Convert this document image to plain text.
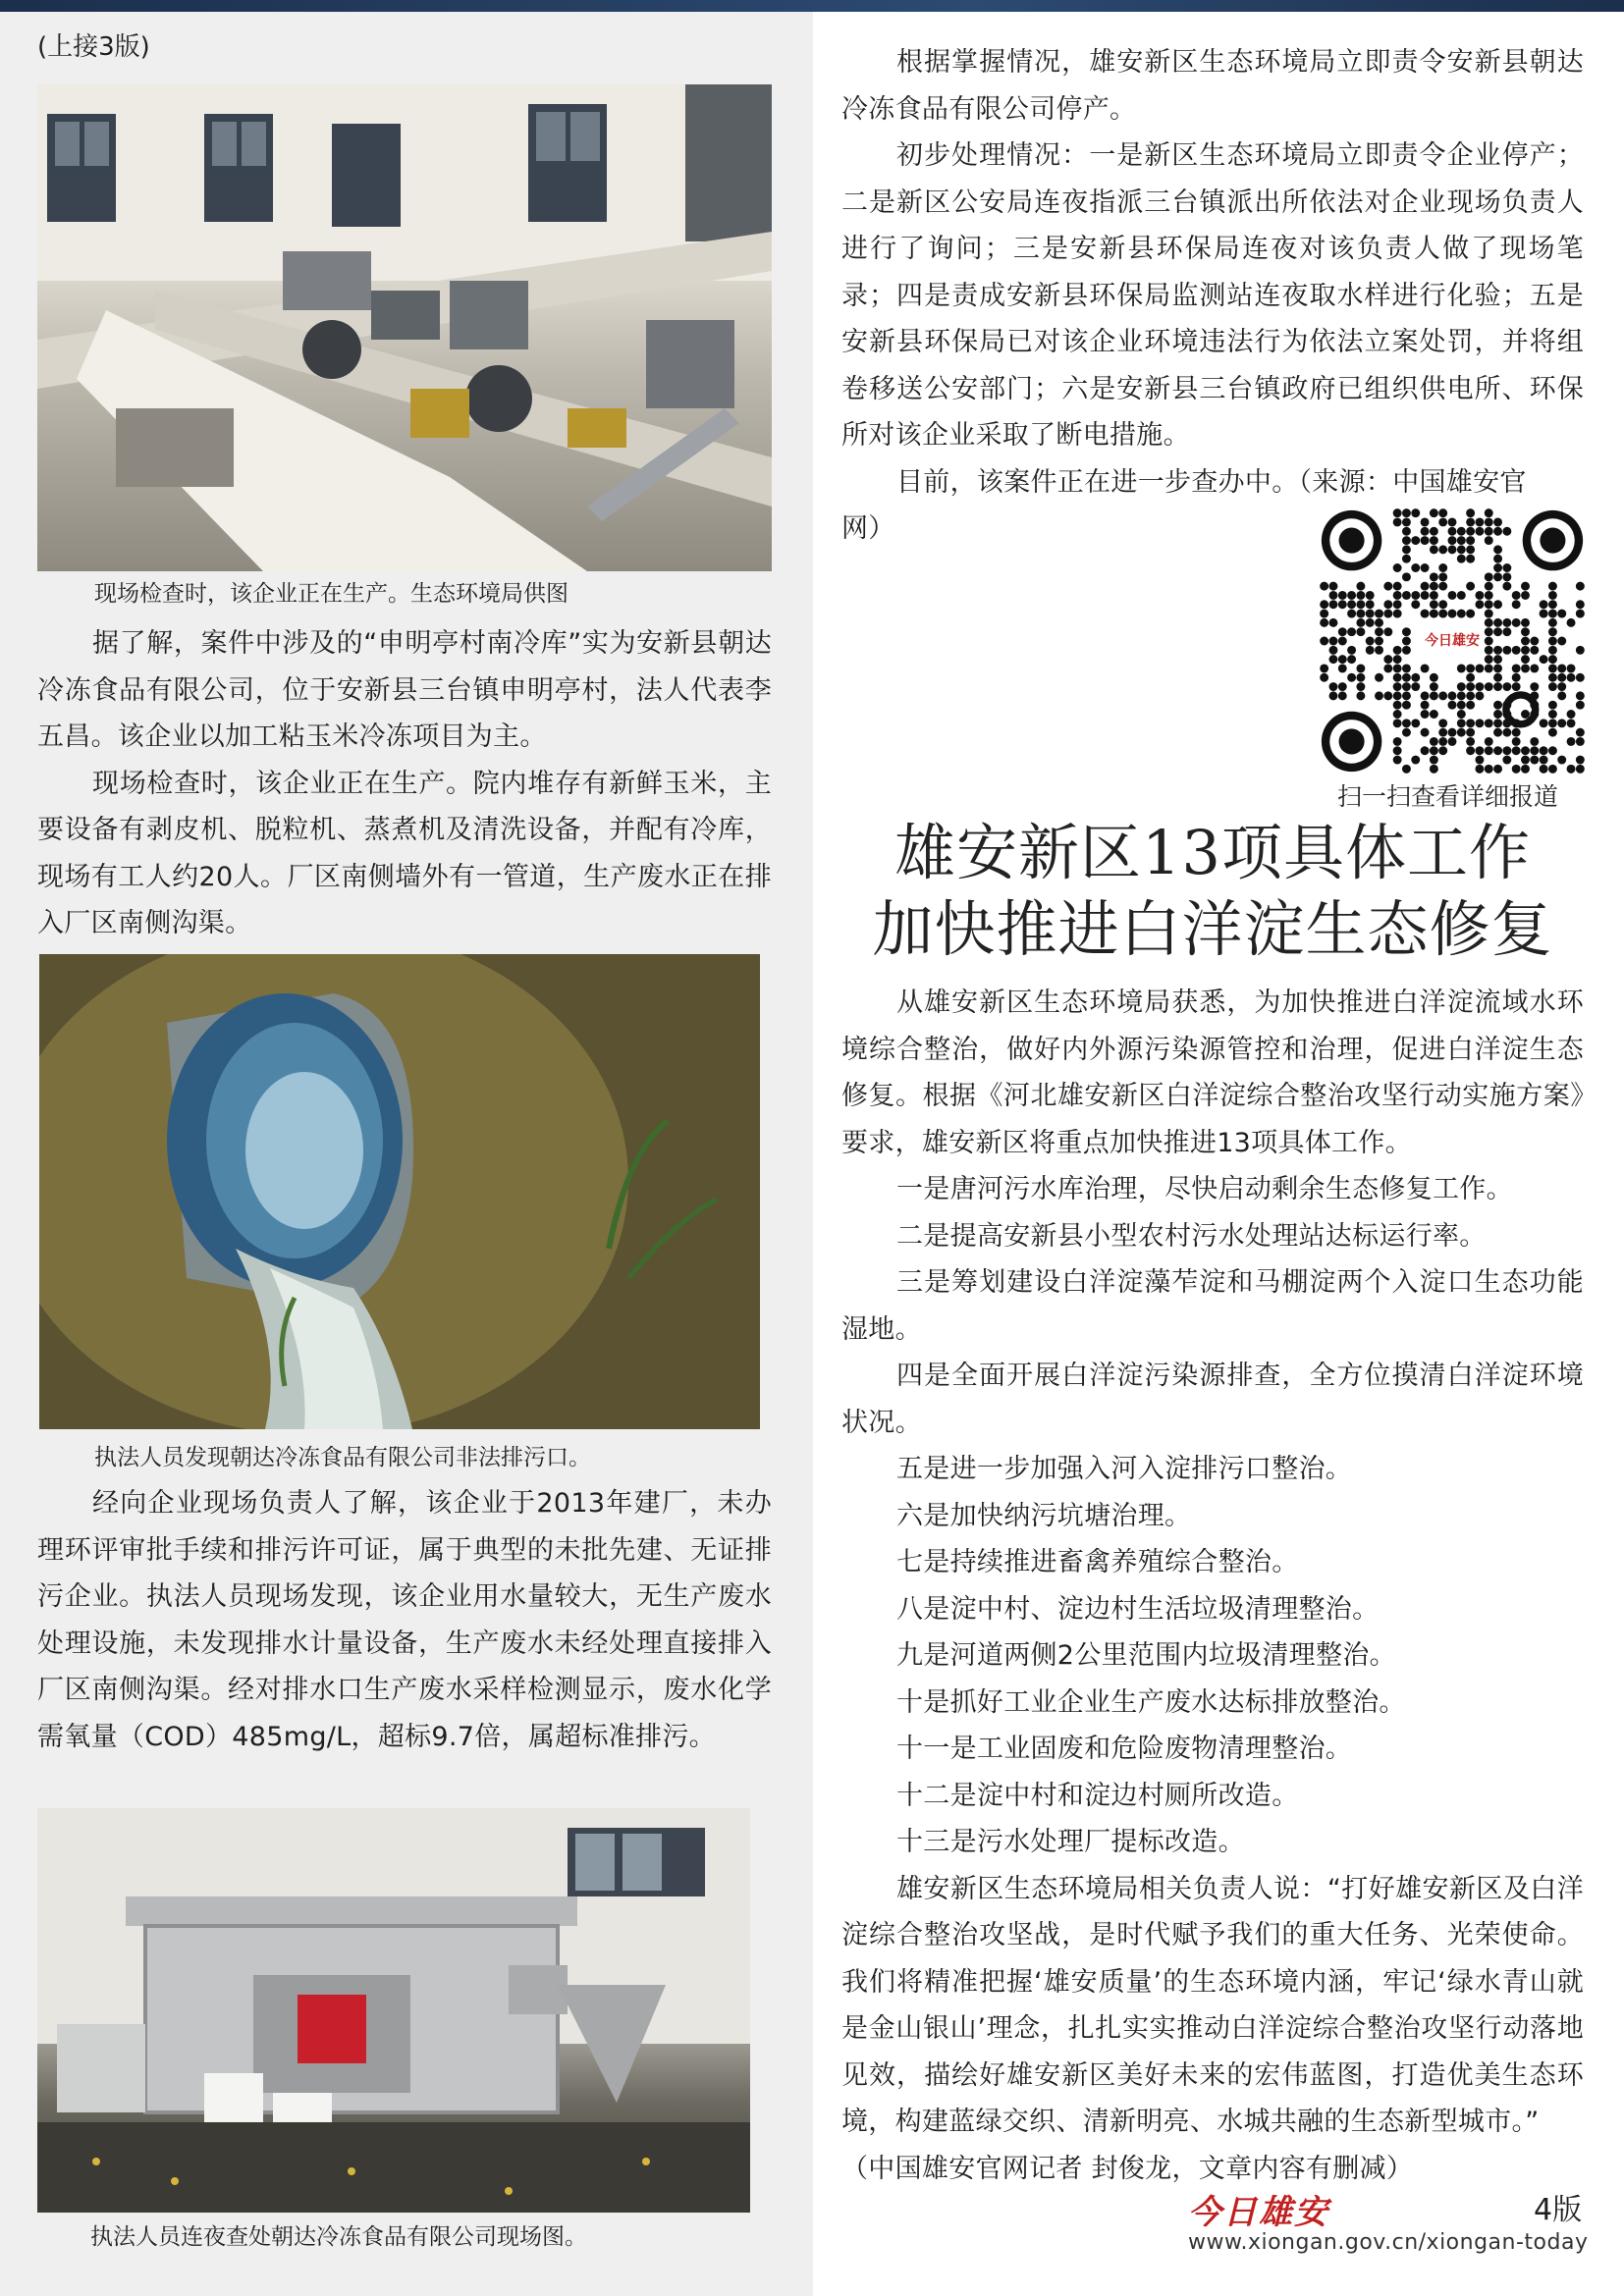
(上接3版)
现场检查时，该企业正在生产。生态环境局供图

据了解，案件中涉及的“申明亭村南冷库”实为安新县朝达冷冻食品有限公司，位于安新县三台镇申明亭村，法人代表李五昌。该企业以加工粘玉米冷冻项目为主。

现场检查时，该企业正在生产。院内堆存有新鲜玉米，主要设备有剥皮机、脱粒机、蒸煮机及清洗设备，并配有冷库，现场有工人约20人。厂区南侧墙外有一管道，生产废水正在排入厂区南侧沟渠。

执法人员发现朝达冷冻食品有限公司非法排污口。

经向企业现场负责人了解，该企业于2013年建厂，未办理环评审批手续和排污许可证，属于典型的未批先建、无证排污企业。执法人员现场发现，该企业用水量较大，无生产废水处理设施，未发现排水计量设备，生产废水未经处理直接排入厂区南侧沟渠。经对排水口生产废水采样检测显示，废水化学需氧量（COD）485mg/L，超标9.7倍，属超标准排污。

执法人员连夜查处朝达冷冻食品有限公司现场图。

根据掌握情况，雄安新区生态环境局立即责令安新县朝达冷冻食品有限公司停产。

初步处理情况：一是新区生态环境局立即责令企业停产；二是新区公安局连夜指派三台镇派出所依法对企业现场负责人进行了询问；三是安新县环保局连夜对该负责人做了现场笔录；四是责成安新县环保局监测站连夜取水样进行化验；五是安新县环保局已对该企业环境违法行为依法立案处罚，并将组卷移送公安部门；六是安新县三台镇政府已组织供电所、环保所对该企业采取了断电措施。

目前，该案件正在进一步查办中。（来源：中国雄安官

网）

今日雄安
扫一扫查看详细报道
雄安新区13项具体工作
加快推进白洋淀生态修复

从雄安新区生态环境局获悉，为加快推进白洋淀流域水环境综合整治，做好内外源污染源管控和治理，促进白洋淀生态修复。根据《河北雄安新区白洋淀综合整治攻坚行动实施方案》要求，雄安新区将重点加快推进13项具体工作。

一是唐河污水库治理，尽快启动剩余生态修复工作。

二是提高安新县小型农村污水处理站达标运行率。

三是筹划建设白洋淀藻苲淀和马棚淀两个入淀口生态功能湿地。

四是全面开展白洋淀污染源排查，全方位摸清白洋淀环境状况。

五是进一步加强入河入淀排污口整治。

六是加快纳污坑塘治理。

七是持续推进畜禽养殖综合整治。

八是淀中村、淀边村生活垃圾清理整治。

九是河道两侧2公里范围内垃圾清理整治。

十是抓好工业企业生产废水达标排放整治。

十一是工业固废和危险废物清理整治。

十二是淀中村和淀边村厕所改造。

十三是污水处理厂提标改造。

雄安新区生态环境局相关负责人说：“打好雄安新区及白洋淀综合整治攻坚战，是时代赋予我们的重大任务、光荣使命。我们将精准把握‘雄安质量’的生态环境内涵，牢记‘绿水青山就是金山银山’理念，扎扎实实推动白洋淀综合整治攻坚行动落地见效，描绘好雄安新区美好未来的宏伟蓝图，打造优美生态环境，构建蓝绿交织、清新明亮、水城共融的生态新型城市。”

（中国雄安官网记者 封俊龙，文章内容有删减）

今日雄安	4版
www.xiongan.gov.cn/xiongan-today
